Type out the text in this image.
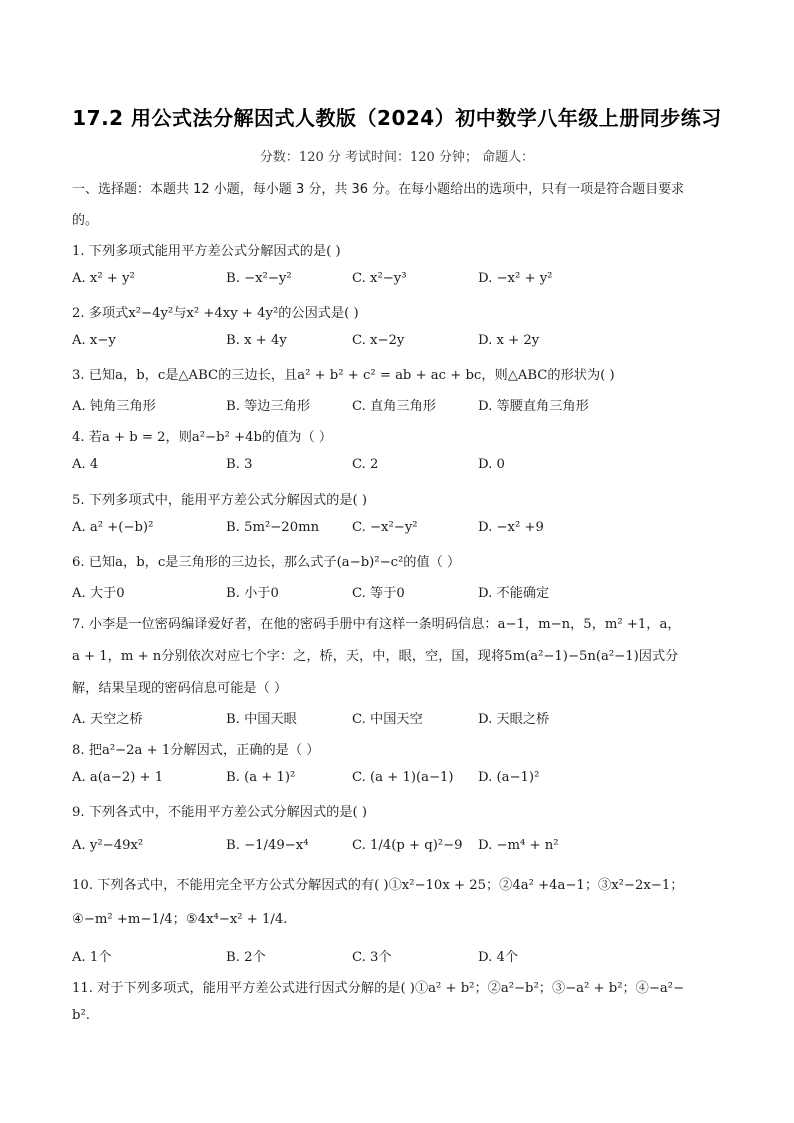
17.2 用公式法分解因式人教版（2024）初中数学八年级上册同步练习
分数：120 分 考试时间：120 分钟； 命题人：
一、选择题：本题共 12 小题，每小题 3 分，共 36 分。在每小题给出的选项中，只有一项是符合题目要求
的。
1. 下列多项式能用平方差公式分解因式的是( )
A. x² + y²	B. −x²−y²	C. x²−y³	D. −x² + y²
2. 多项式x²−4y²与x² +4xy + 4y²的公因式是( )
A. x−y	B. x + 4y	C. x−2y	D. x + 2y
3. 已知a，b，c是△ABC的三边长，且a² + b² + c² = ab + ac + bc，则△ABC的形状为( )
A. 钝角三角形	B. 等边三角形	C. 直角三角形	D. 等腰直角三角形
4. 若a + b = 2，则a²−b² +4b的值为（ ）
A. 4	B. 3	C. 2	D. 0
5. 下列多项式中，能用平方差公式分解因式的是( )
A. a² +(−b)²	B. 5m²−20mn C. −x²−y²	D. −x² +9
6. 已知a，b，c是三角形的三边长，那么式子(a−b)²−c²的值（ ）
A. 大于0	B. 小于0	C. 等于0	D. 不能确定
7. 小李是一位密码编译爱好者，在他的密码手册中有这样一条明码信息：a−1，m−n，5，m² +1，a，
a + 1，m + n分别依次对应七个字：之，桥，天，中，眼，空，国，现将5m(a²−1)−5n(a²−1)因式分
解，结果呈现的密码信息可能是（ ）
A. 天空之桥	B. 中国天眼	C. 中国天空	D. 天眼之桥
8. 把a²−2a + 1分解因式，正确的是（ ）
A. a(a−2) + 1	B. (a + 1)²	C. (a + 1)(a−1) D. (a−1)²
9. 下列各式中，不能用平方差公式分解因式的是( )
A. y²−49x²	B. −1/49−x⁴	C. 1/4(p + q)²−9 D. −m⁴ + n²
10. 下列各式中，不能用完全平方公式分解因式的有( )①x²−10x + 25；②4a² +4a−1；③x²−2x−1；
④−m² +m−1/4；⑤4x⁴−x² + 1/4.
A. 1个	B. 2个	C. 3个	D. 4个
11. 对于下列多项式，能用平方差公式进行因式分解的是( )①a² + b²；②a²−b²；③−a² + b²；④−a²−
b².
